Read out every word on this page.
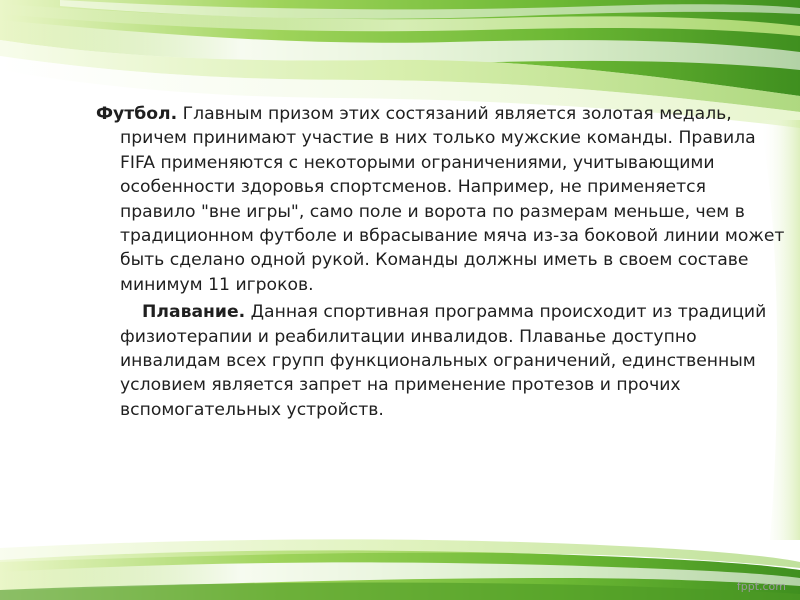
Футбол. Главным призом этих состязаний является золотая медаль, причем принимают участие в них только мужские команды. Правила FIFA применяются с некоторыми ограничениями, учитывающими особенности здоровья спортсменов. Например, не применяется правило "вне игры", само поле и ворота по размерам меньше, чем в традиционном футболе и вбрасывание мяча из-за боковой линии может быть сделано одной рукой. Команды должны иметь в своем составе минимум 11 игроков.

Плавание. Данная спортивная программа происходит из традиций физиотерапии и реабилитации инвалидов. Плаванье доступно инвалидам всех групп функциональных ограничений, единственным условием является запрет на применение протезов и прочих вспомогательных устройств.

fppt.com
